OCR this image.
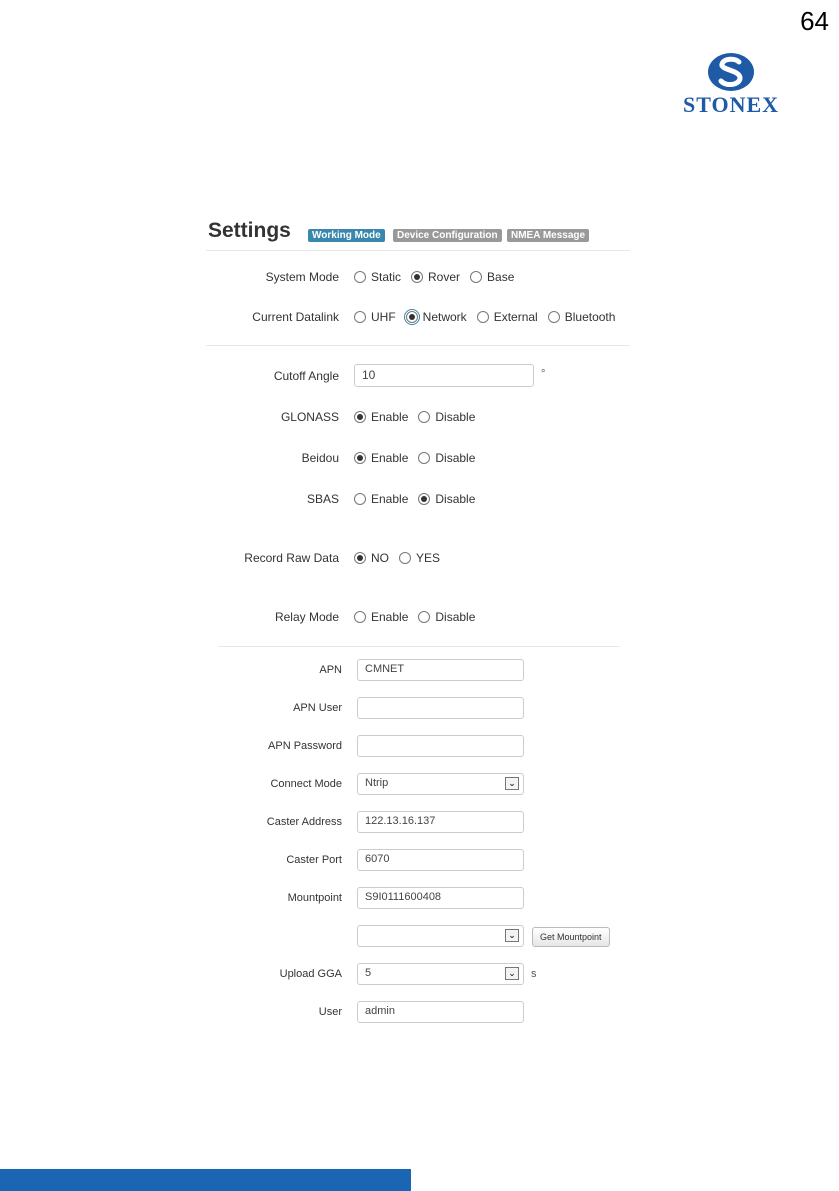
64
STONEX
Settings	Working Mode	Device Configuration	NMEA Message
System Mode	Static Rover Base
Current Datalink	UHF Network External Bluetooth
Cutoff Angle	10	°
GLONASS	Enable Disable
Beidou	Enable Disable
SBAS	Enable Disable
Record Raw Data	NO YES
Relay Mode	Enable Disable
APN	CMNET
APN User
APN Password
Connect Mode	Ntrip	⌄
Caster Address	122.13.16.137
Caster Port	6070
Mountpoint	S9I0111600408
⌄	Get Mountpoint
Upload GGA	5	⌄ s
User	admin
